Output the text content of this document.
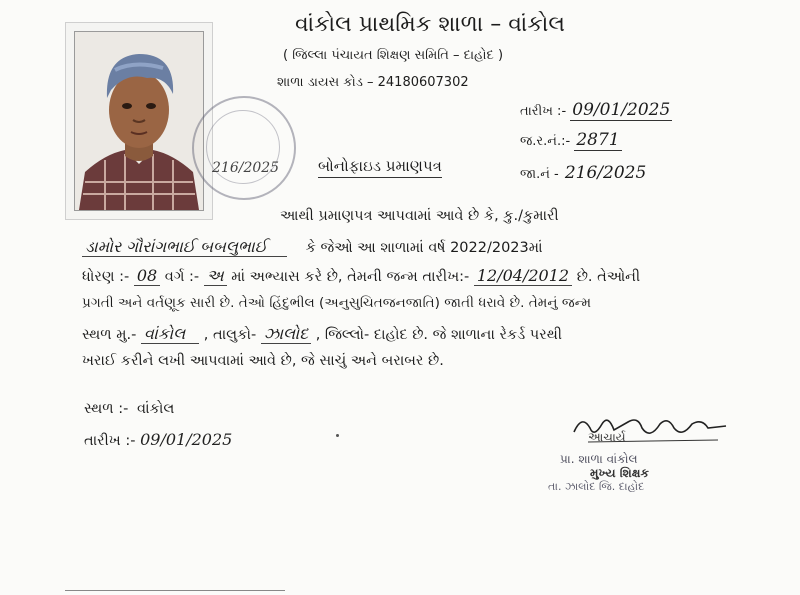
વાંકોલ પ્રાથમિક શાળા – વાંકોલ
( જિલ્લા પંચાયત શિક્ષણ સમિતિ – દાહોદ )
શાળા ડાયસ કોડ – 24180607302
216/2025
તારીખ :- 09/01/2025
જ.ર.નં.:- 2871
જા.નં - 216/2025
બોનોફાઇડ પ્રમાણપત્ર
આથી પ્રમાણપત્ર આપવામાં આવે છે કે, કુ./કુમારી
ડામોર ગૌરાંગભાઈ બબલુભાઈ	કે જેઓ આ શાળામાં વર્ષ 2022/2023માં
ધોરણ :- 08 વર્ગ :- અ માં અભ્યાસ કરે છે, તેમની જન્મ તારીખ:- 12/04/2012 છે. તેઓની
પ્રગતી અને વર્તણૂક સારી છે. તેઓ હિંદુભીલ (અનુસુચિતજનજાતિ) જાતી ધરાવે છે. તેમનું જન્મ
સ્થળ મુ.- વાંકોલ , તાલુકો- ઝાલોદ , જિલ્લો- દાહોદ છે. જે શાળાના રેકર્ડ પરથી
ખરાઈ કરીને લખી આપવામાં આવે છે, જે સાચું અને બરાબર છે.
સ્થળ :- વાંકોલ
તારીખ :- 09/01/2025	આચાર્ય
પ્રા. શાળા વાંકોલ
મુખ્ય શિક્ષક
તા. ઝાલોદ જિ. દાહોદ
